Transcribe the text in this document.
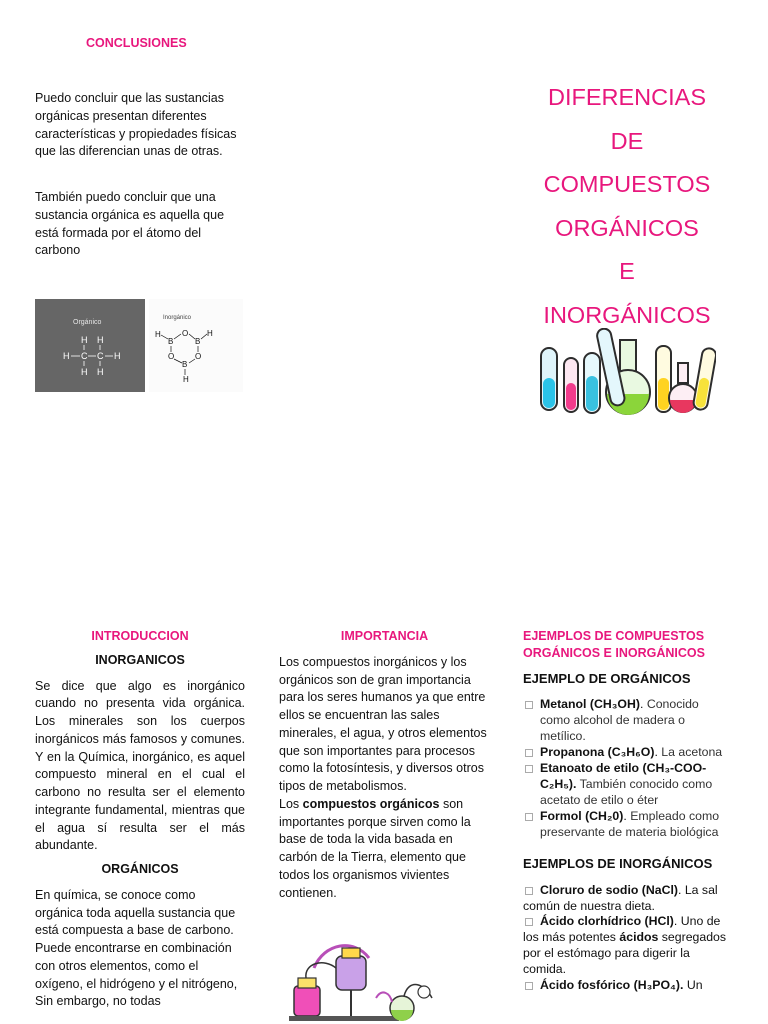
CONCLUSIONES

Puedo concluir que las sustancias orgánicas presentan diferentes características y propiedades físicas que las diferencian unas de otras.

También puedo concluir que una sustancia orgánica es aquella que está formada por el átomo del carbono

Orgánico
H H
H C C H
H H
Inorgánico
H
B
O
B
H
O	O
B
H
DIFERENCIAS
DE
COMPUESTOS
ORGÁNICOS
E
INORGÁNICOS
INTRODUCCION
INORGANICOS

Se dice que algo es inorgánico cuando no presenta vida orgánica. Los minerales son los cuerpos inorgánicos más famosos y comunes. Y en la Química, inorgánico, es aquel compuesto mineral en el cual el carbono no resulta ser el elemento integrante fundamental, mientras que el agua sí resulta ser el más abundante.

ORGÁNICOS

En química, se conoce como orgánica toda aquella sustancia que está compuesta a base de carbono. Puede encontrarse en combinación con otros elementos, como el oxígeno, el hidrógeno y el nitrógeno, Sin embargo, no todas

IMPORTANCIA

Los compuestos inorgánicos y los orgánicos son de gran importancia para los seres humanos ya que entre ellos se encuentran las sales minerales, el agua, y otros elementos que son importantes para procesos como la fotosíntesis, y diversos otros tipos de metabolismos.

Los compuestos orgánicos son importantes porque sirven como la base de toda la vida basada en carbón de la Tierra, elemento que todos los organismos vivientes contienen.

EJEMPLOS DE COMPUESTOS ORGÁNICOS E INORGÁNICOS
EJEMPLO DE ORGÁNICOS
Metanol (CH₃OH). Conocido como alcohol de madera o metílico.
Propanona (C₃H₆O). La acetona
Etanoato de etilo (CH₃-COO-C₂H₅). También conocido como acetato de etilo o éter
Formol (CH₂0). Empleado como preservante de materia biológica
EJEMPLOS DE INORGÁNICOS
Cloruro de sodio (NaCl). La sal común de nuestra dieta.
Ácido clorhídrico (HCl). Uno de los más potentes ácidos segregados por el estómago para digerir la comida.
Ácido fosfórico (H₃PO₄). Un
